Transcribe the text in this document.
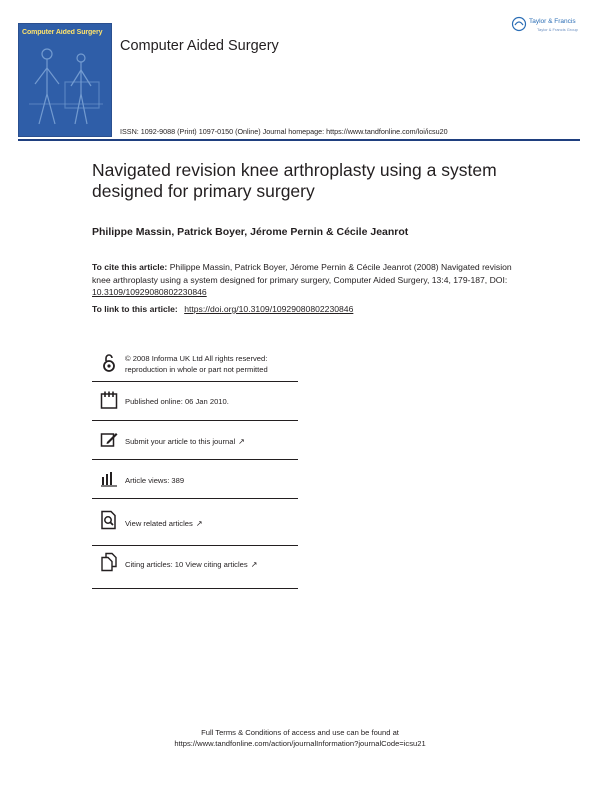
Computer Aided Surgery
Computer Aided Surgery
Taylor & Francis
Taylor & Francis Group
ISSN: 1092-9088 (Print) 1097-0150 (Online) Journal homepage: https://www.tandfonline.com/loi/icsu20
Navigated revision knee arthroplasty using a system designed for primary surgery
Philippe Massin, Patrick Boyer, Jérome Pernin & Cécile Jeanrot
To cite this article: Philippe Massin, Patrick Boyer, Jérome Pernin & Cécile Jeanrot (2008) Navigated revision knee arthroplasty using a system designed for primary surgery, Computer Aided Surgery, 13:4, 179-187, DOI: 10.3109/10929080802230846
To link to this article: https://doi.org/10.3109/10929080802230846
© 2008 Informa UK Ltd All rights reserved:
reproduction in whole or part not permitted
Published online: 06 Jan 2010.
Submit your article to this journal ↗
Article views: 389
View related articles ↗
Citing articles: 10 View citing articles ↗
Full Terms & Conditions of access and use can be found at
https://www.tandfonline.com/action/journalInformation?journalCode=icsu21
